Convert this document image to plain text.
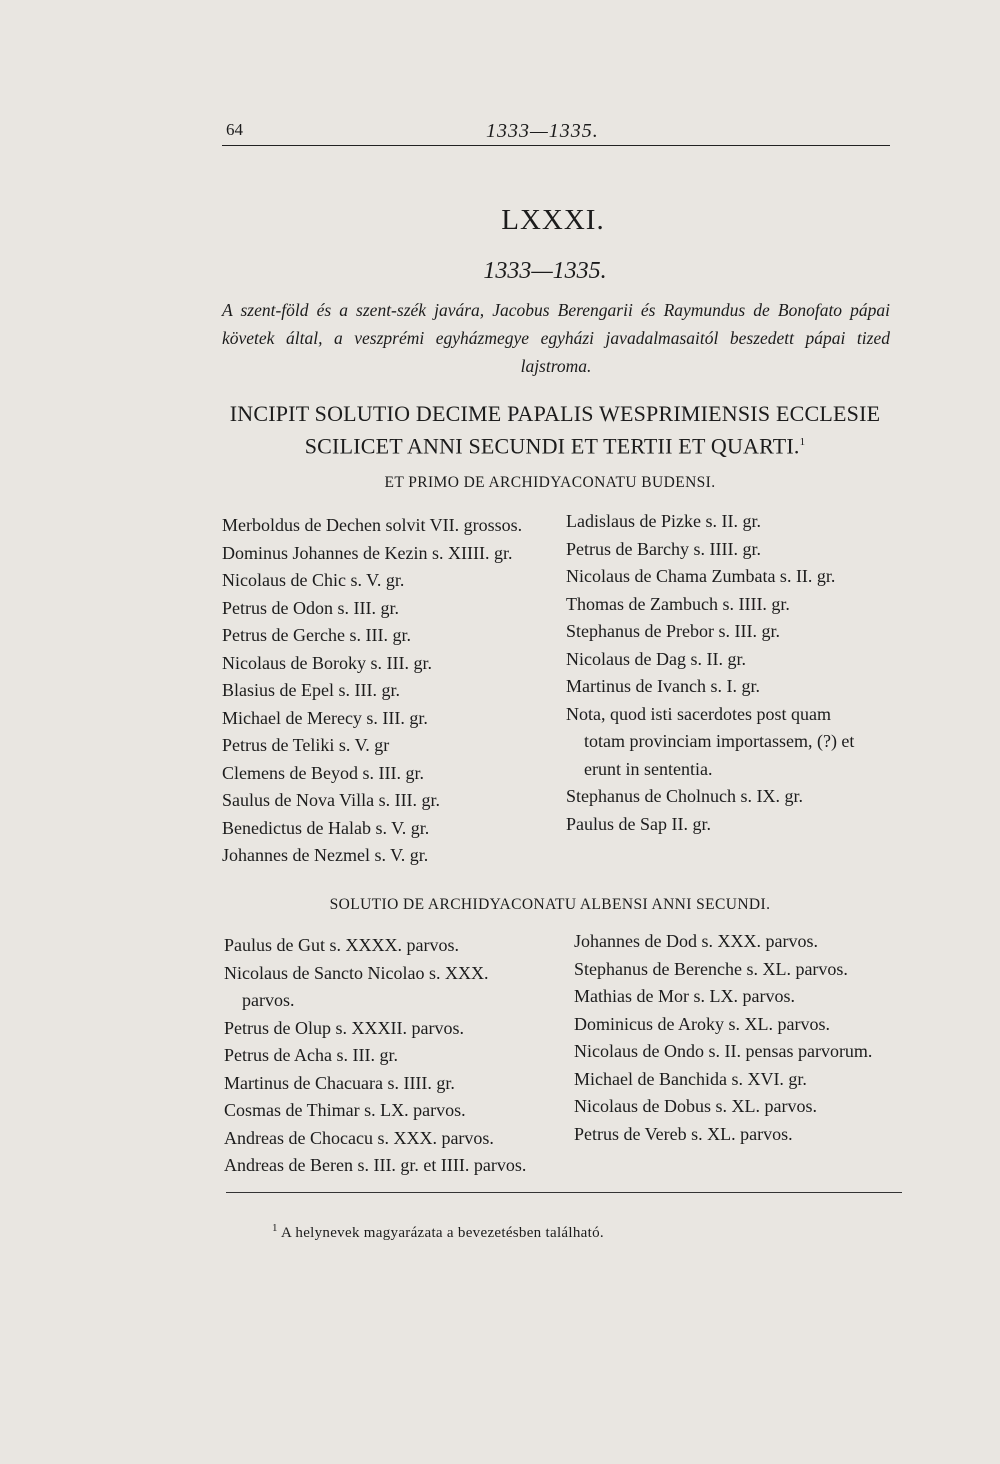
64	1333—1335.
LXXXI.
1333—1335.
A szent-föld és a szent-szék javára, Jacobus Berengarii és Raymundus de Bonofato pápai követek által, a veszprémi egyházmegye egyházi javadalmasaitól beszedett pápai tized lajstroma.
INCIPIT SOLUTIO DECIME PAPALIS WESPRIMIENSIS ECCLESIE SCILICET ANNI SECUNDI ET TERTII ET QUARTI.$^1$
ET PRIMO DE ARCHIDYACONATU BUDENSI.
Merboldus de Dechen solvit VII. grossos.
Dominus Johannes de Kezin s. XIIII. gr.
Nicolaus de Chic s. V. gr.
Petrus de Odon s. III. gr.
Petrus de Gerche s. III. gr.
Nicolaus de Boroky s. III. gr.
Blasius de Epel s. III. gr.
Michael de Merecy s. III. gr.
Petrus de Teliki s. V. gr
Clemens de Beyod s. III. gr.
Saulus de Nova Villa s. III. gr.
Benedictus de Halab s. V. gr.
Johannes de Nezmel s. V. gr.
Ladislaus de Pizke s. II. gr.
Petrus de Barchy s. IIII. gr.
Nicolaus de Chama Zumbata s. II. gr.
Thomas de Zambuch s. IIII. gr.
Stephanus de Prebor s. III. gr.
Nicolaus de Dag s. II. gr.
Martinus de Ivanch s. I. gr.
Nota, quod isti sacerdotes post quam
totam provinciam importassem, (?) et
erunt in sententia.
Stephanus de Cholnuch s. IX. gr.
Paulus de Sap II. gr.
SOLUTIO DE ARCHIDYACONATU ALBENSI ANNI SECUNDI.
Paulus de Gut s. XXXX. parvos.
Nicolaus de Sancto Nicolao s. XXX.
parvos.
Petrus de Olup s. XXXII. parvos.
Petrus de Acha s. III. gr.
Martinus de Chacuara s. IIII. gr.
Cosmas de Thimar s. LX. parvos.
Andreas de Chocacu s. XXX. parvos.
Andreas de Beren s. III. gr. et IIII. parvos.
Johannes de Dod s. XXX. parvos.
Stephanus de Berenche s. XL. parvos.
Mathias de Mor s. LX. parvos.
Dominicus de Aroky s. XL. parvos.
Nicolaus de Ondo s. II. pensas parvorum.
Michael de Banchida s. XVI. gr.
Nicolaus de Dobus s. XL. parvos.
Petrus de Vereb s. XL. parvos.
$^1$ A helynevek magyarázata a bevezetésben található.
